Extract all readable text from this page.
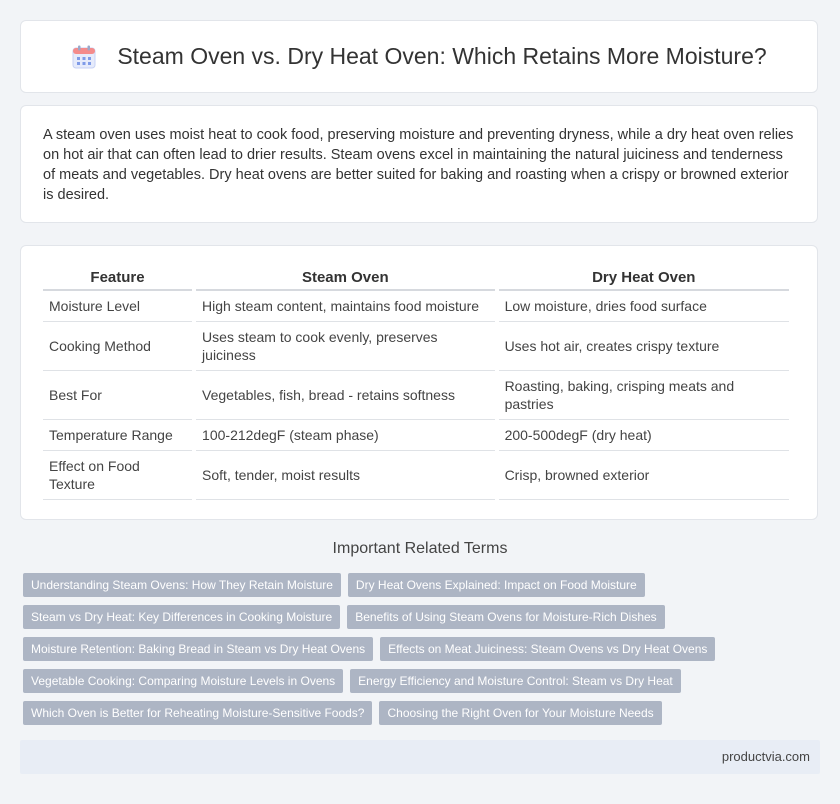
Steam Oven vs. Dry Heat Oven: Which Retains More Moisture?

A steam oven uses moist heat to cook food, preserving moisture and preventing dryness, while a dry heat oven relies on hot air that can often lead to drier results. Steam ovens excel in maintaining the natural juiciness and tenderness of meats and vegetables. Dry heat ovens are better suited for baking and roasting when a crispy or browned exterior is desired.

Feature	Steam Oven	Dry Heat Oven
Moisture Level	High steam content, maintains food moisture	Low moisture, dries food surface
Cooking Method	Uses steam to cook evenly, preserves juiciness	Uses hot air, creates crispy texture
Best For	Vegetables, fish, bread - retains softness	Roasting, baking, crisping meats and pastries
Temperature Range	100-212degF (steam phase)	200-500degF (dry heat)
Effect on Food Texture	Soft, tender, moist results	Crisp, browned exterior
Important Related Terms
Understanding Steam Ovens: How They Retain Moisture	Dry Heat Ovens Explained: Impact on Food Moisture
Steam vs Dry Heat: Key Differences in Cooking Moisture	Benefits of Using Steam Ovens for Moisture-Rich Dishes
Moisture Retention: Baking Bread in Steam vs Dry Heat Ovens	Effects on Meat Juiciness: Steam Ovens vs Dry Heat Ovens
Vegetable Cooking: Comparing Moisture Levels in Ovens	Energy Efficiency and Moisture Control: Steam vs Dry Heat
Which Oven is Better for Reheating Moisture-Sensitive Foods?	Choosing the Right Oven for Your Moisture Needs
productvia.com
